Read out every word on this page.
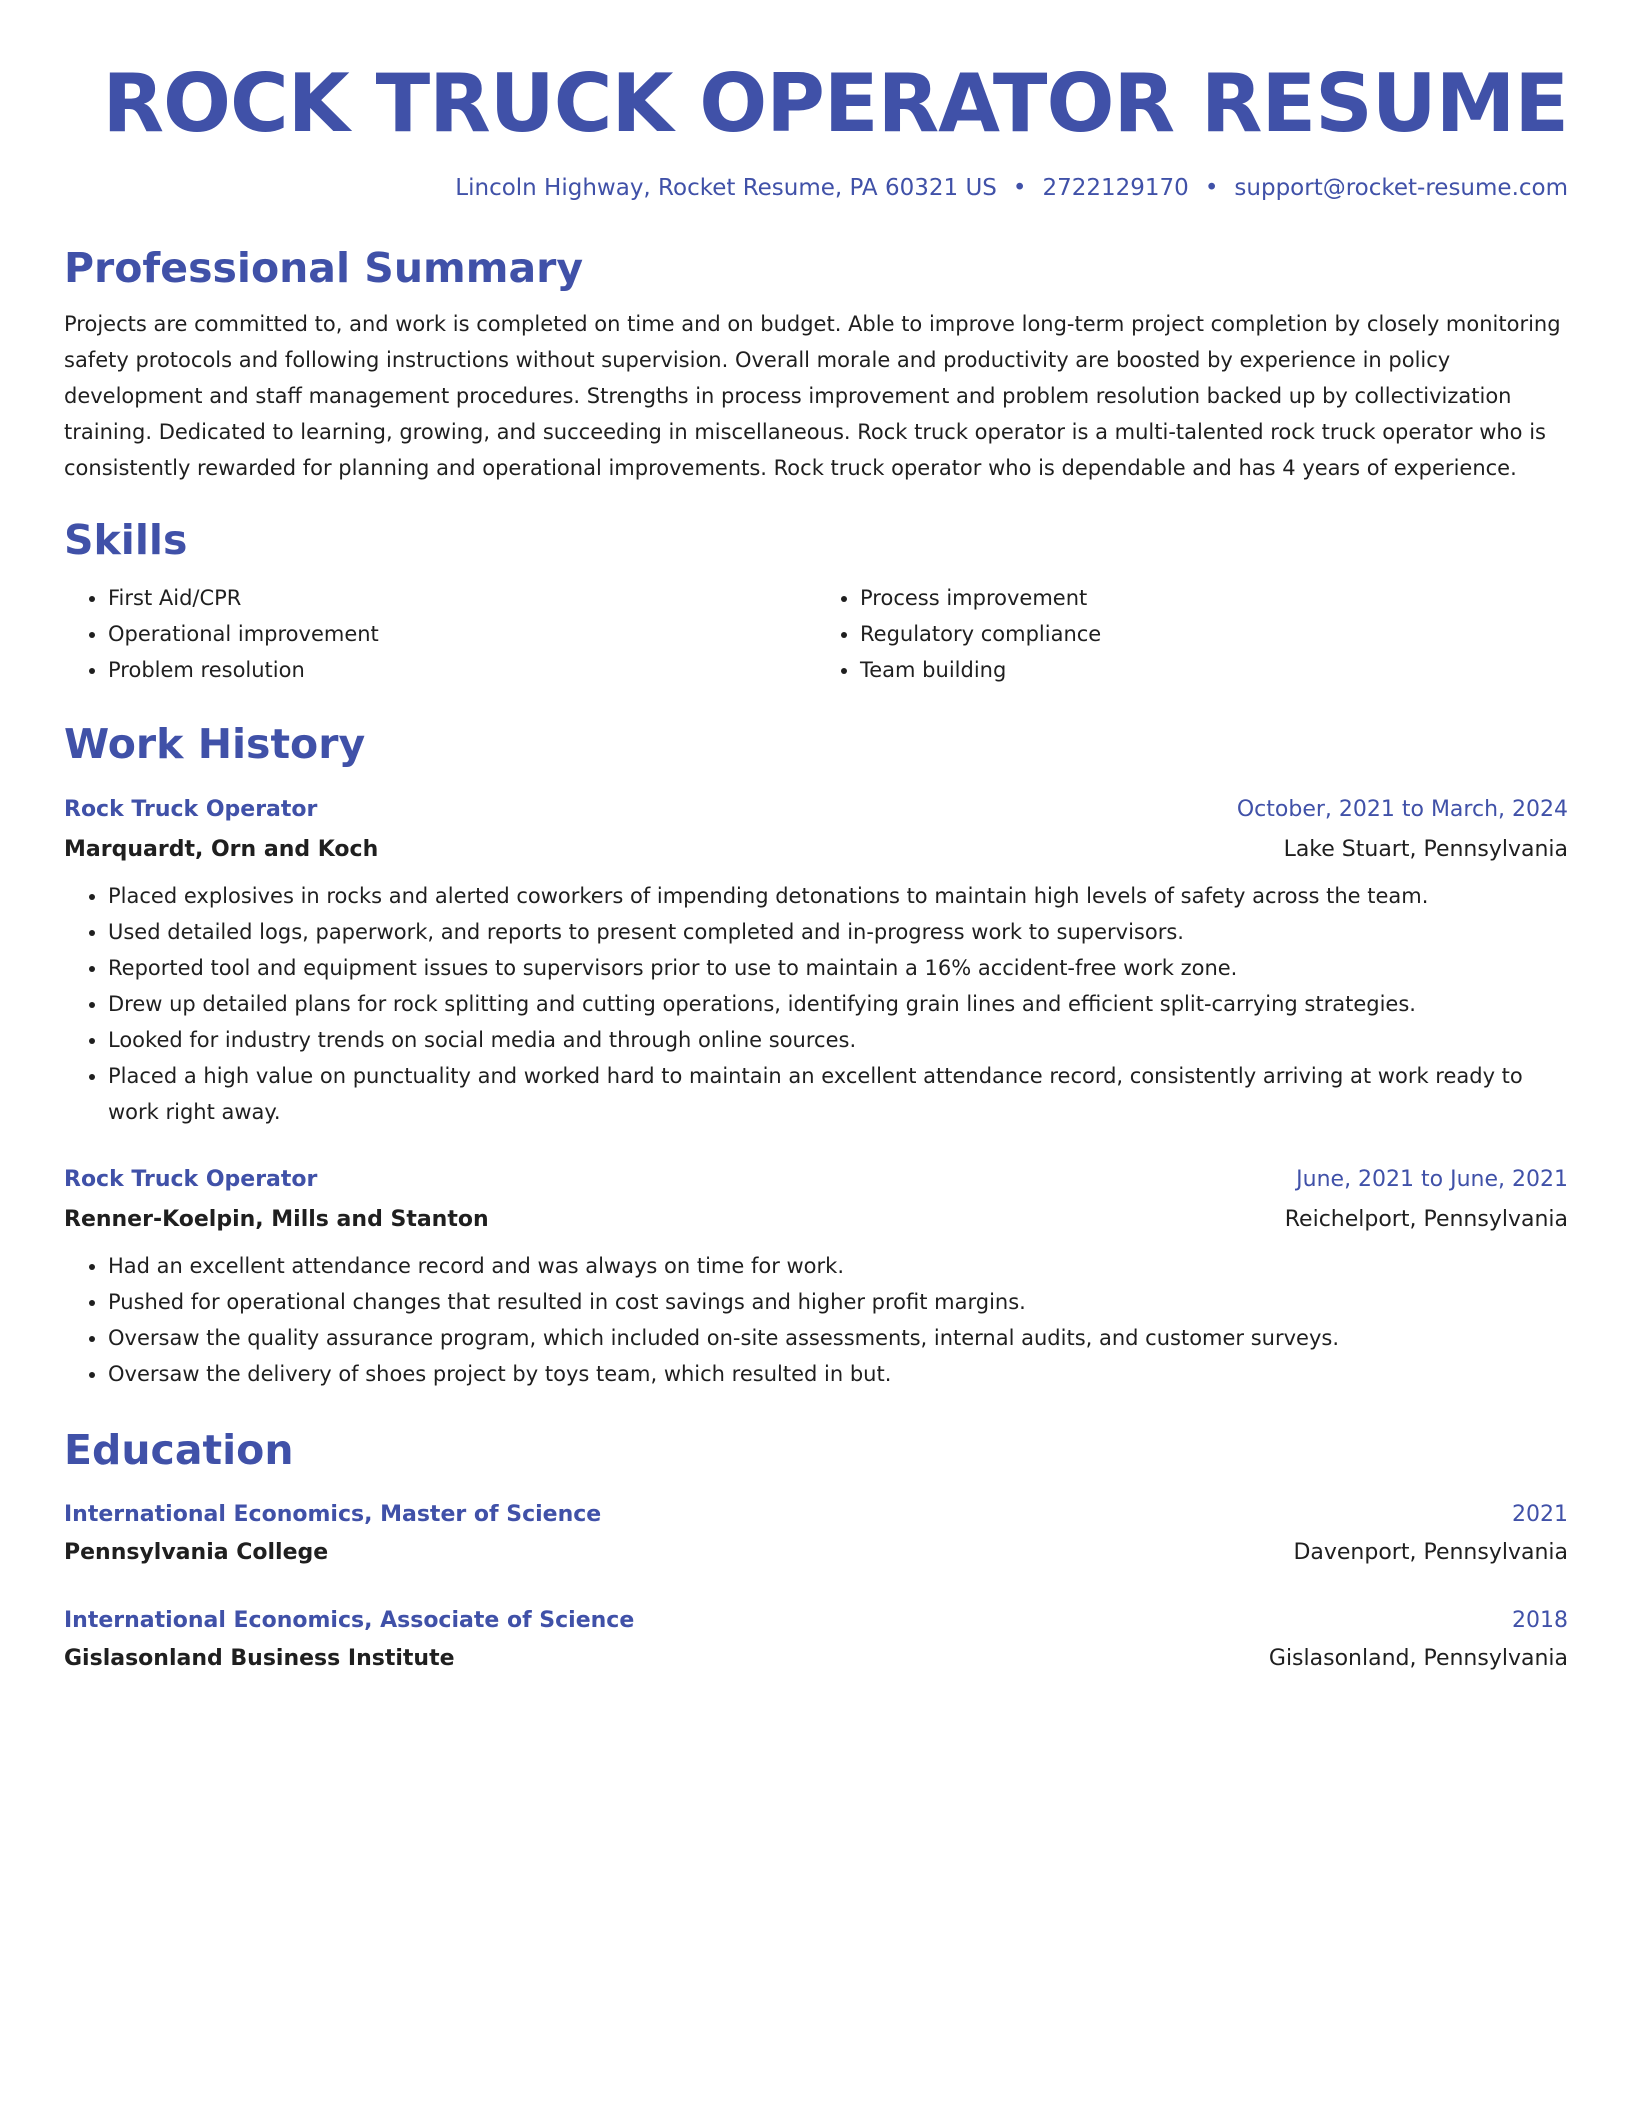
ROCK TRUCK OPERATOR RESUME
Lincoln Highway, Rocket Resume, PA 60321 US • 2722129170 • support@rocket-resume.com
Professional Summary

Projects are committed to, and work is completed on time and on budget. Able to improve long-term project completion by closely monitoring safety protocols and following instructions without supervision. Overall morale and productivity are boosted by experience in policy development and staff management procedures. Strengths in process improvement and problem resolution backed up by collectivization training. Dedicated to learning, growing, and succeeding in miscellaneous. Rock truck operator is a multi-talented rock truck operator who is consistently rewarded for planning and operational improvements. Rock truck operator who is dependable and has 4 years of experience.

Skills
• First Aid/CPR
• Operational improvement
• Problem resolution
• Process improvement
• Regulatory compliance
• Team building
Work History
Rock Truck Operator	October, 2021 to March, 2024
Marquardt, Orn and Koch	Lake Stuart, Pennsylvania
• Placed explosives in rocks and alerted coworkers of impending detonations to maintain high levels of safety across the team.
• Used detailed logs, paperwork, and reports to present completed and in-progress work to supervisors.
• Reported tool and equipment issues to supervisors prior to use to maintain a 16% accident-free work zone.
• Drew up detailed plans for rock splitting and cutting operations, identifying grain lines and efficient split-carrying strategies.
• Looked for industry trends on social media and through online sources.
• Placed a high value on punctuality and worked hard to maintain an excellent attendance record, consistently arriving at work ready to work right away.
Rock Truck Operator	June, 2021 to June, 2021
Renner-Koelpin, Mills and Stanton	Reichelport, Pennsylvania
• Had an excellent attendance record and was always on time for work.
• Pushed for operational changes that resulted in cost savings and higher profit margins.
• Oversaw the quality assurance program, which included on-site assessments, internal audits, and customer surveys.
• Oversaw the delivery of shoes project by toys team, which resulted in but.
Education
International Economics, Master of Science	2021
Pennsylvania College	Davenport, Pennsylvania
International Economics, Associate of Science	2018
Gislasonland Business Institute	Gislasonland, Pennsylvania
